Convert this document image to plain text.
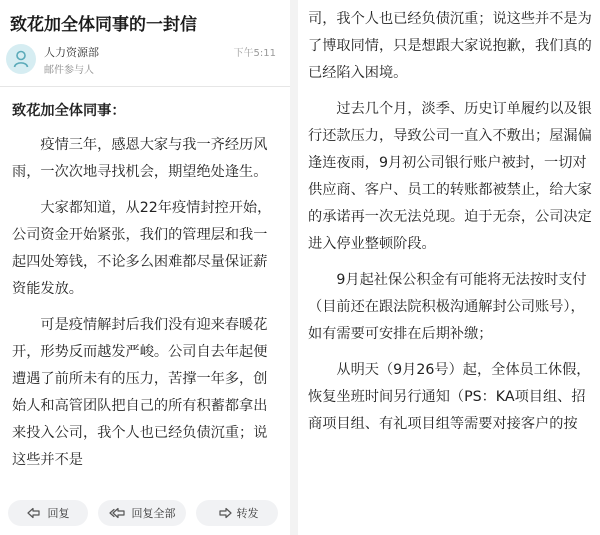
致花加全体同事的一封信
人力资源部
邮件参与人
下午5:11

致花加全体同事：

疫情三年，感恩大家与我一齐经历风雨，一次次地寻找机会，期望绝处逢生。

大家都知道，从22年疫情封控开始，公司资金开始紧张，我们的管理层和我一起四处筹钱，不论多么困难都尽量保证薪资能发放。

可是疫情解封后我们没有迎来春暖花开，形势反而越发严峻。公司自去年起便遭遇了前所未有的压力，苦撑一年多，创始人和高管团队把自己的所有积蓄都拿出来投入公司，我个人也已经负债沉重；说这些并不是

回复	回复全部	转发

司，我个人也已经负债沉重；说这些并不是为了博取同情，只是想跟大家说抱歉，我们真的已经陷入困境。

过去几个月，淡季、历史订单履约以及银行还款压力，导致公司一直入不敷出；屋漏偏逢连夜雨，9月初公司银行账户被封，一切对供应商、客户、员工的转账都被禁止，给大家的承诺再一次无法兑现。迫于无奈，公司决定进入停业整顿阶段。

9月起社保公积金有可能将无法按时支付（目前还在跟法院积极沟通解封公司账号），如有需要可安排在后期补缴；

从明天（9月26号）起，全体员工休假，恢复坐班时间另行通知（PS：KA项目组、招商项目组、有礼项目组等需要对接客户的按
